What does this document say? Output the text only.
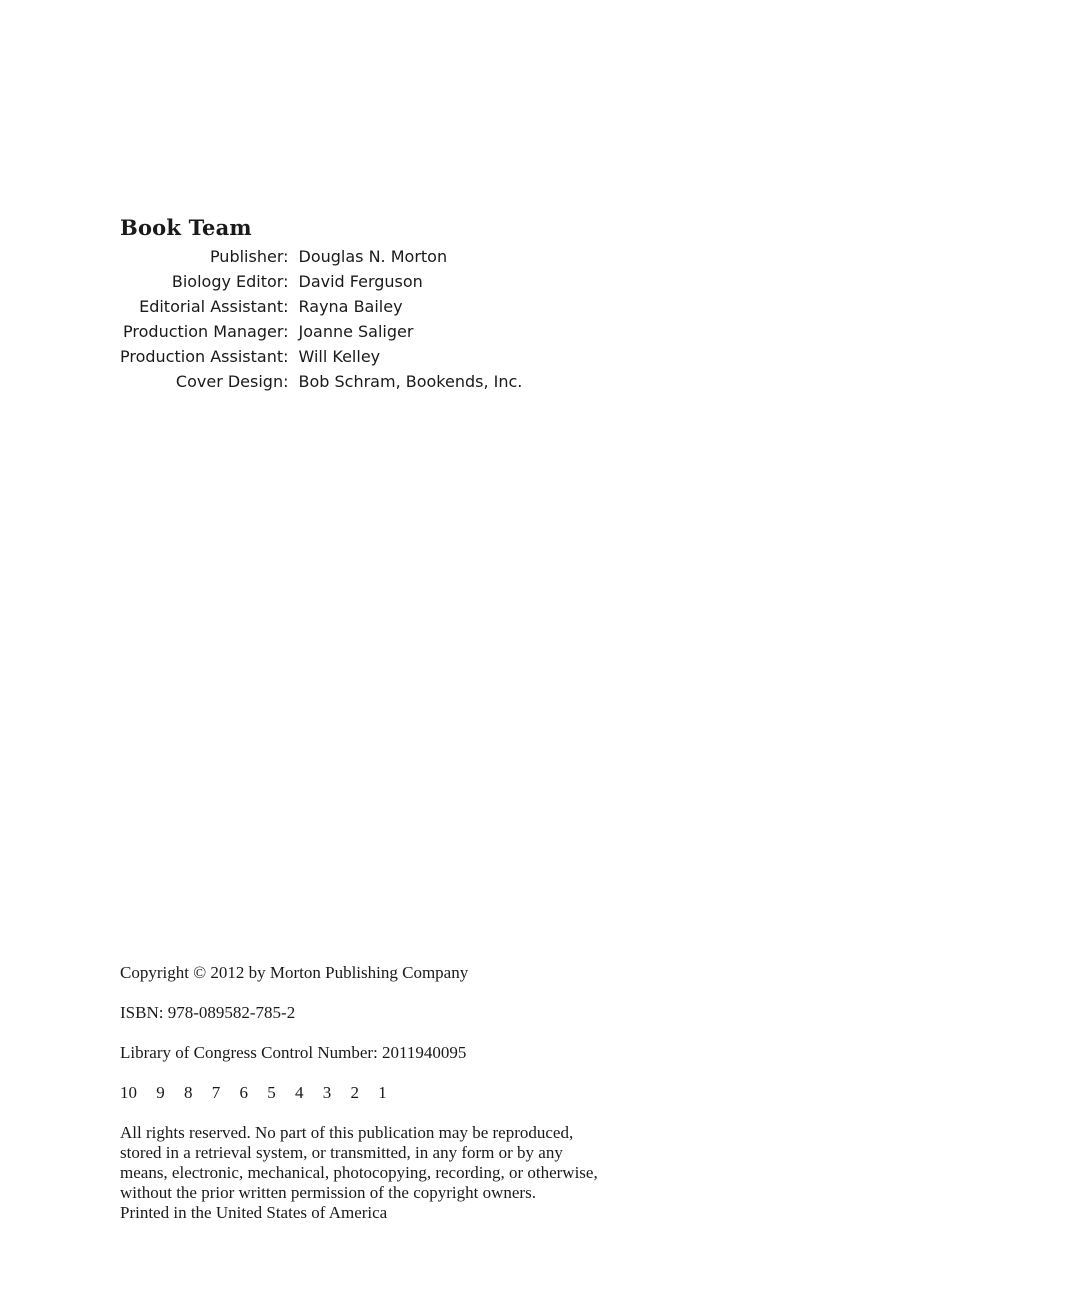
Book Team
Publisher:	Douglas N. Morton
Biology Editor:	David Ferguson
Editorial Assistant:	Rayna Bailey
Production Manager:	Joanne Saliger
Production Assistant:	Will Kelley
Cover Design:	Bob Schram, Bookends, Inc.

Copyright © 2012 by Morton Publishing Company

ISBN: 978-089582-785-2

Library of Congress Control Number: 2011940095

10 9 8 7 6 5 4 3 2 1

All rights reserved. No part of this publication may be reproduced,
stored in a retrieval system, or transmitted, in any form or by any
means, electronic, mechanical, photocopying, recording, or otherwise,
without the prior written permission of the copyright owners.
Printed in the United States of America
